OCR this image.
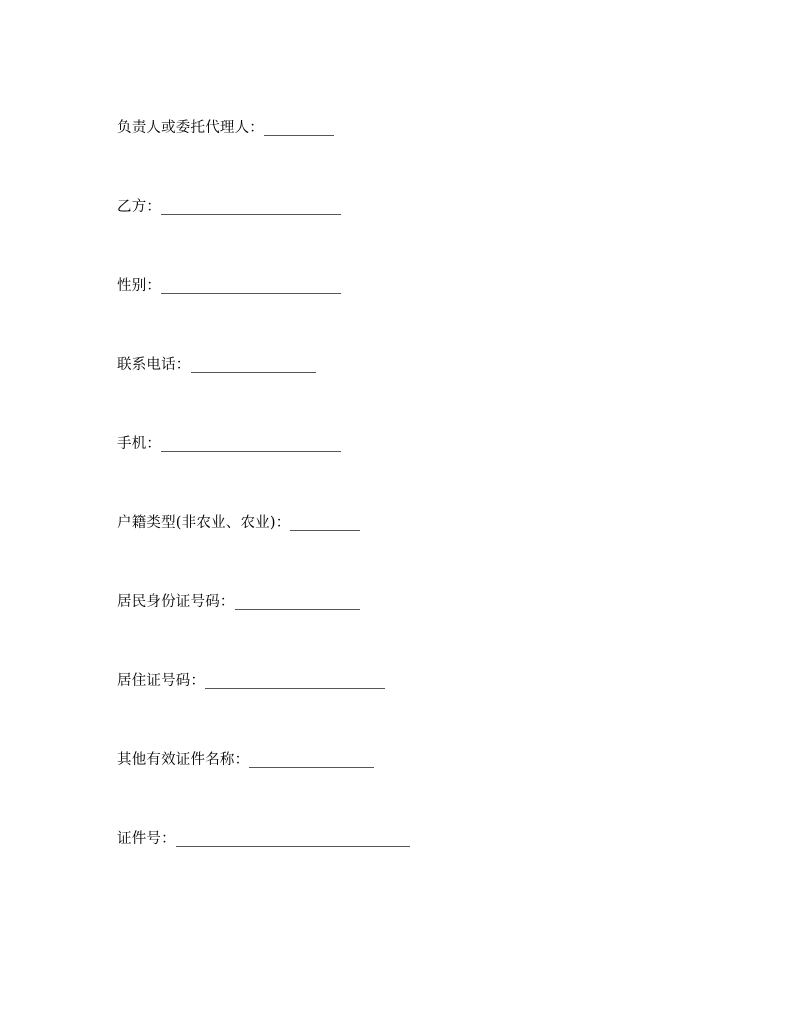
负责人或委托代理人：
乙方：
性别：
联系电话：
手机：
户籍类型(非农业、农业)：
居民身份证号码：
居住证号码：
其他有效证件名称：
证件号：
